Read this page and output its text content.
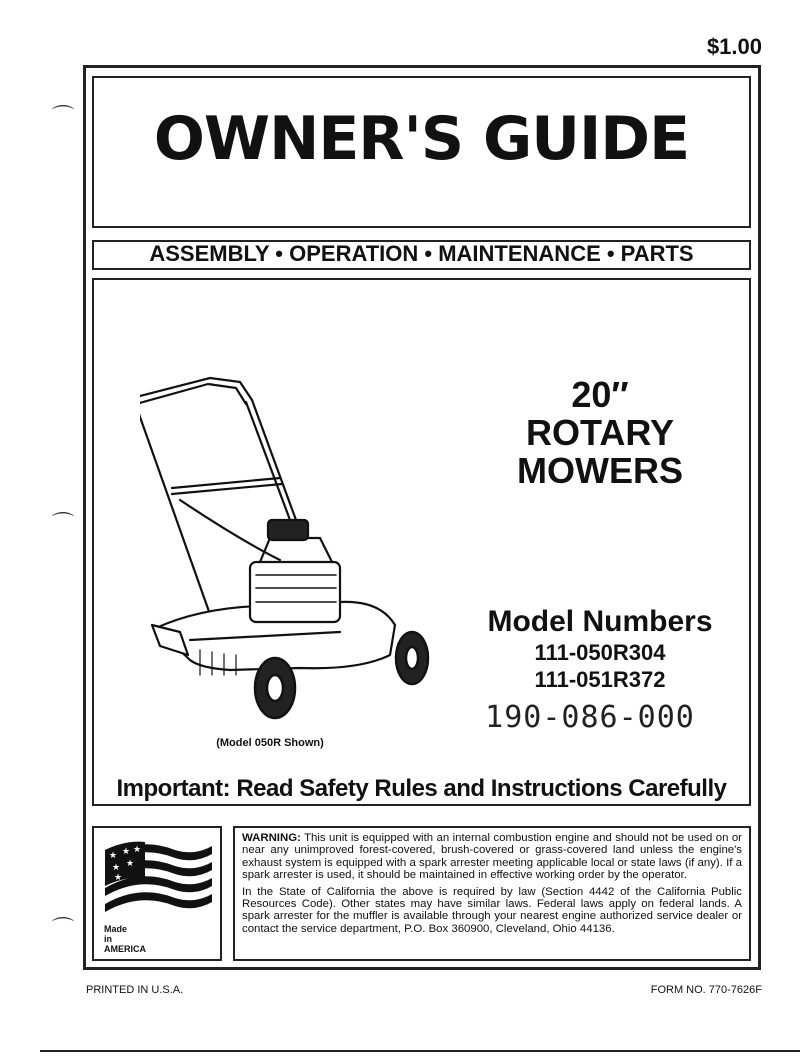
$1.00
⌒
⌒
⌒
OWNER'S GUIDE
ASSEMBLY • OPERATION • MAINTENANCE • PARTS
20″
ROTARY
MOWERS
Model Numbers
111-050R304
111-051R372
190-086-000
(Model 050R Shown)
Important: Read Safety Rules and Instructions Carefully
★ ★ ★
★ ★
★
Made
in
AMERICA

WARNING: This unit is equipped with an internal combustion engine and should not be used on or near any unimproved forest-covered, brush-covered or grass-covered land unless the engine's exhaust system is equipped with a spark arrester meeting applicable local or state laws (if any). If a spark arrester is used, it should be maintained in effective working order by the operator.

In the State of California the above is required by law (Section 4442 of the California Public Resources Code). Other states may have similar laws. Federal laws apply on federal lands. A spark arrester for the muffler is available through your nearest engine authorized service dealer or contact the service department, P.O. Box 360900, Cleveland, Ohio 44136.

PRINTED IN U.S.A.	FORM NO. 770-7626F
